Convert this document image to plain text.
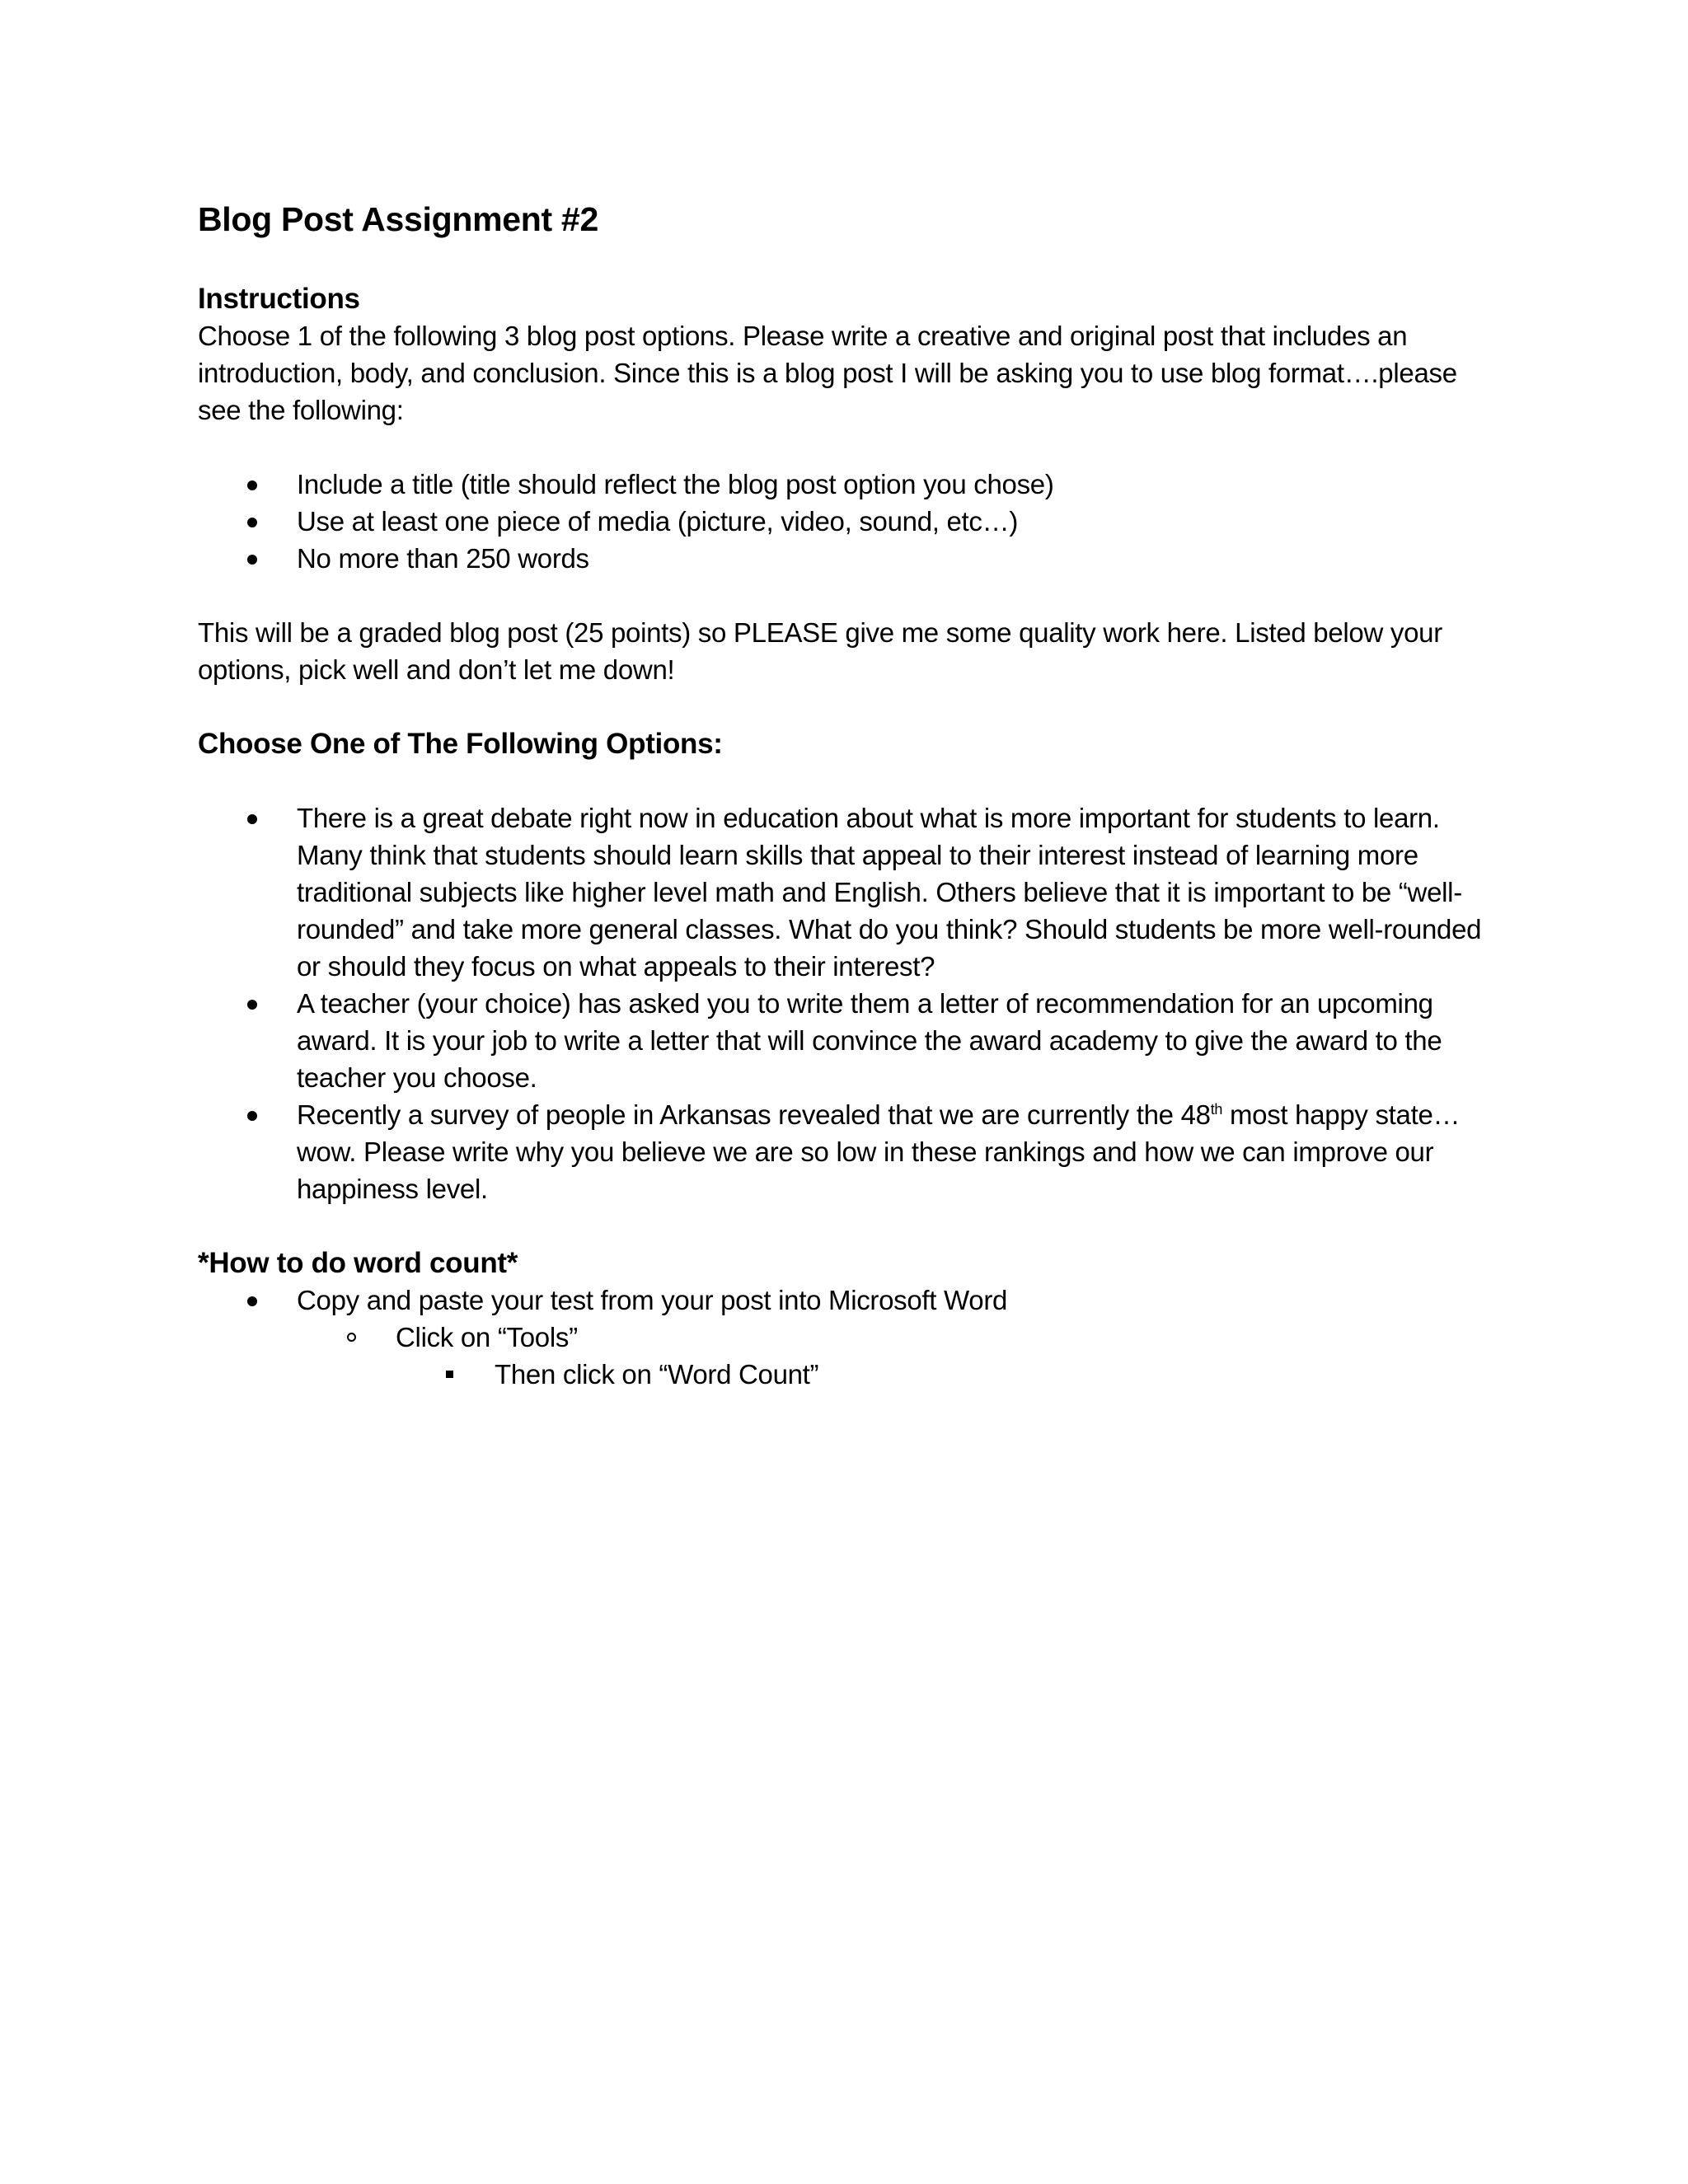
Blog Post Assignment #2
Instructions

Choose 1 of the following 3 blog post options. Please write a creative and original post that includes an introduction, body, and conclusion. Since this is a blog post I will be asking you to use blog format….please see the following:

Include a title (title should reflect the blog post option you chose)
Use at least one piece of media (picture, video, sound, etc…)
No more than 250 words

This will be a graded blog post (25 points) so PLEASE give me some quality work here. Listed below your options, pick well and don’t let me down!

Choose One of The Following Options:
There is a great debate right now in education about what is more important for students to learn. Many think that students should learn skills that appeal to their interest instead of learning more traditional subjects like higher level math and English. Others believe that it is important to be “well-rounded” and take more general classes. What do you think? Should students be more well-rounded or should they focus on what appeals to their interest?
A teacher (your choice) has asked you to write them a letter of recommendation for an upcoming award. It is your job to write a letter that will convince the award academy to give the award to the teacher you choose.
Recently a survey of people in Arkansas revealed that we are currently the 48th most happy state…wow. Please write why you believe we are so low in these rankings and how we can improve our happiness level.
*How to do word count*
Copy and paste your test from your post into Microsoft Word
Click on “Tools”
Then click on “Word Count”
